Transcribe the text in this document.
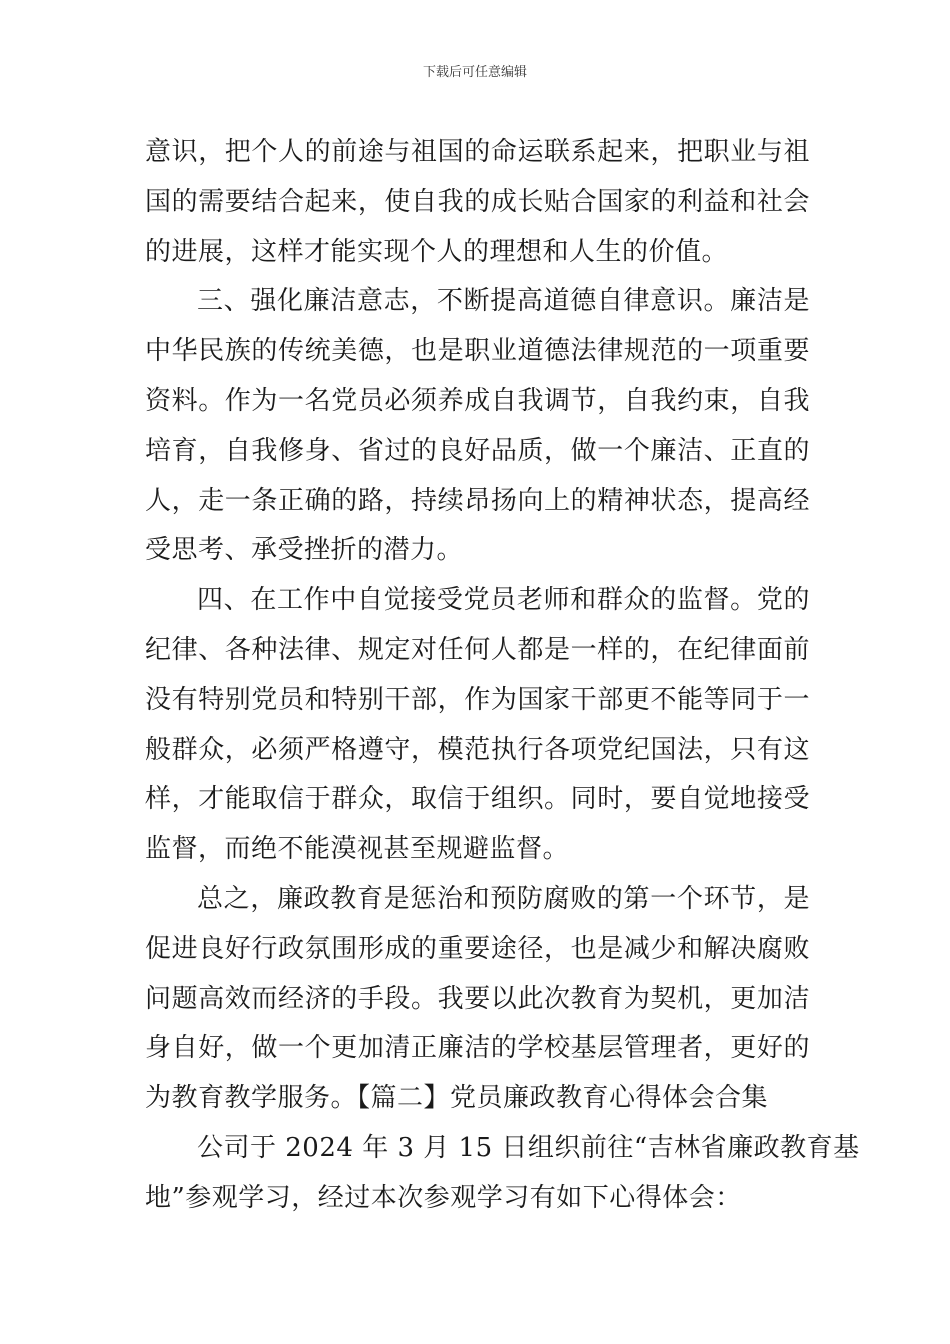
下载后可任意编辑
意识，把个人的前途与祖国的命运联系起来，把职业与祖
国的需要结合起来，使自我的成长贴合国家的利益和社会
的进展，这样才能实现个人的理想和人生的价值。
三、强化廉洁意志，不断提高道德自律意识。廉洁是
中华民族的传统美德，也是职业道德法律规范的一项重要
资料。作为一名党员必须养成自我调节，自我约束，自我
培育，自我修身、省过的良好品质，做一个廉洁、正直的
人，走一条正确的路，持续昂扬向上的精神状态，提高经
受思考、承受挫折的潜力。
四、在工作中自觉接受党员老师和群众的监督。党的
纪律、各种法律、规定对任何人都是一样的，在纪律面前
没有特别党员和特别干部，作为国家干部更不能等同于一
般群众，必须严格遵守，模范执行各项党纪国法，只有这
样，才能取信于群众，取信于组织。同时，要自觉地接受
监督，而绝不能漠视甚至规避监督。
总之，廉政教育是惩治和预防腐败的第一个环节，是
促进良好行政氛围形成的重要途径，也是减少和解决腐败
问题高效而经济的手段。我要以此次教育为契机，更加洁
身自好，做一个更加清正廉洁的学校基层管理者，更好的
为教育教学服务。【篇二】党员廉政教育心得体会合集
公司于 2024 年 3 月 15 日组织前往“吉林省廉政教育基
地”参观学习，经过本次参观学习有如下心得体会：
